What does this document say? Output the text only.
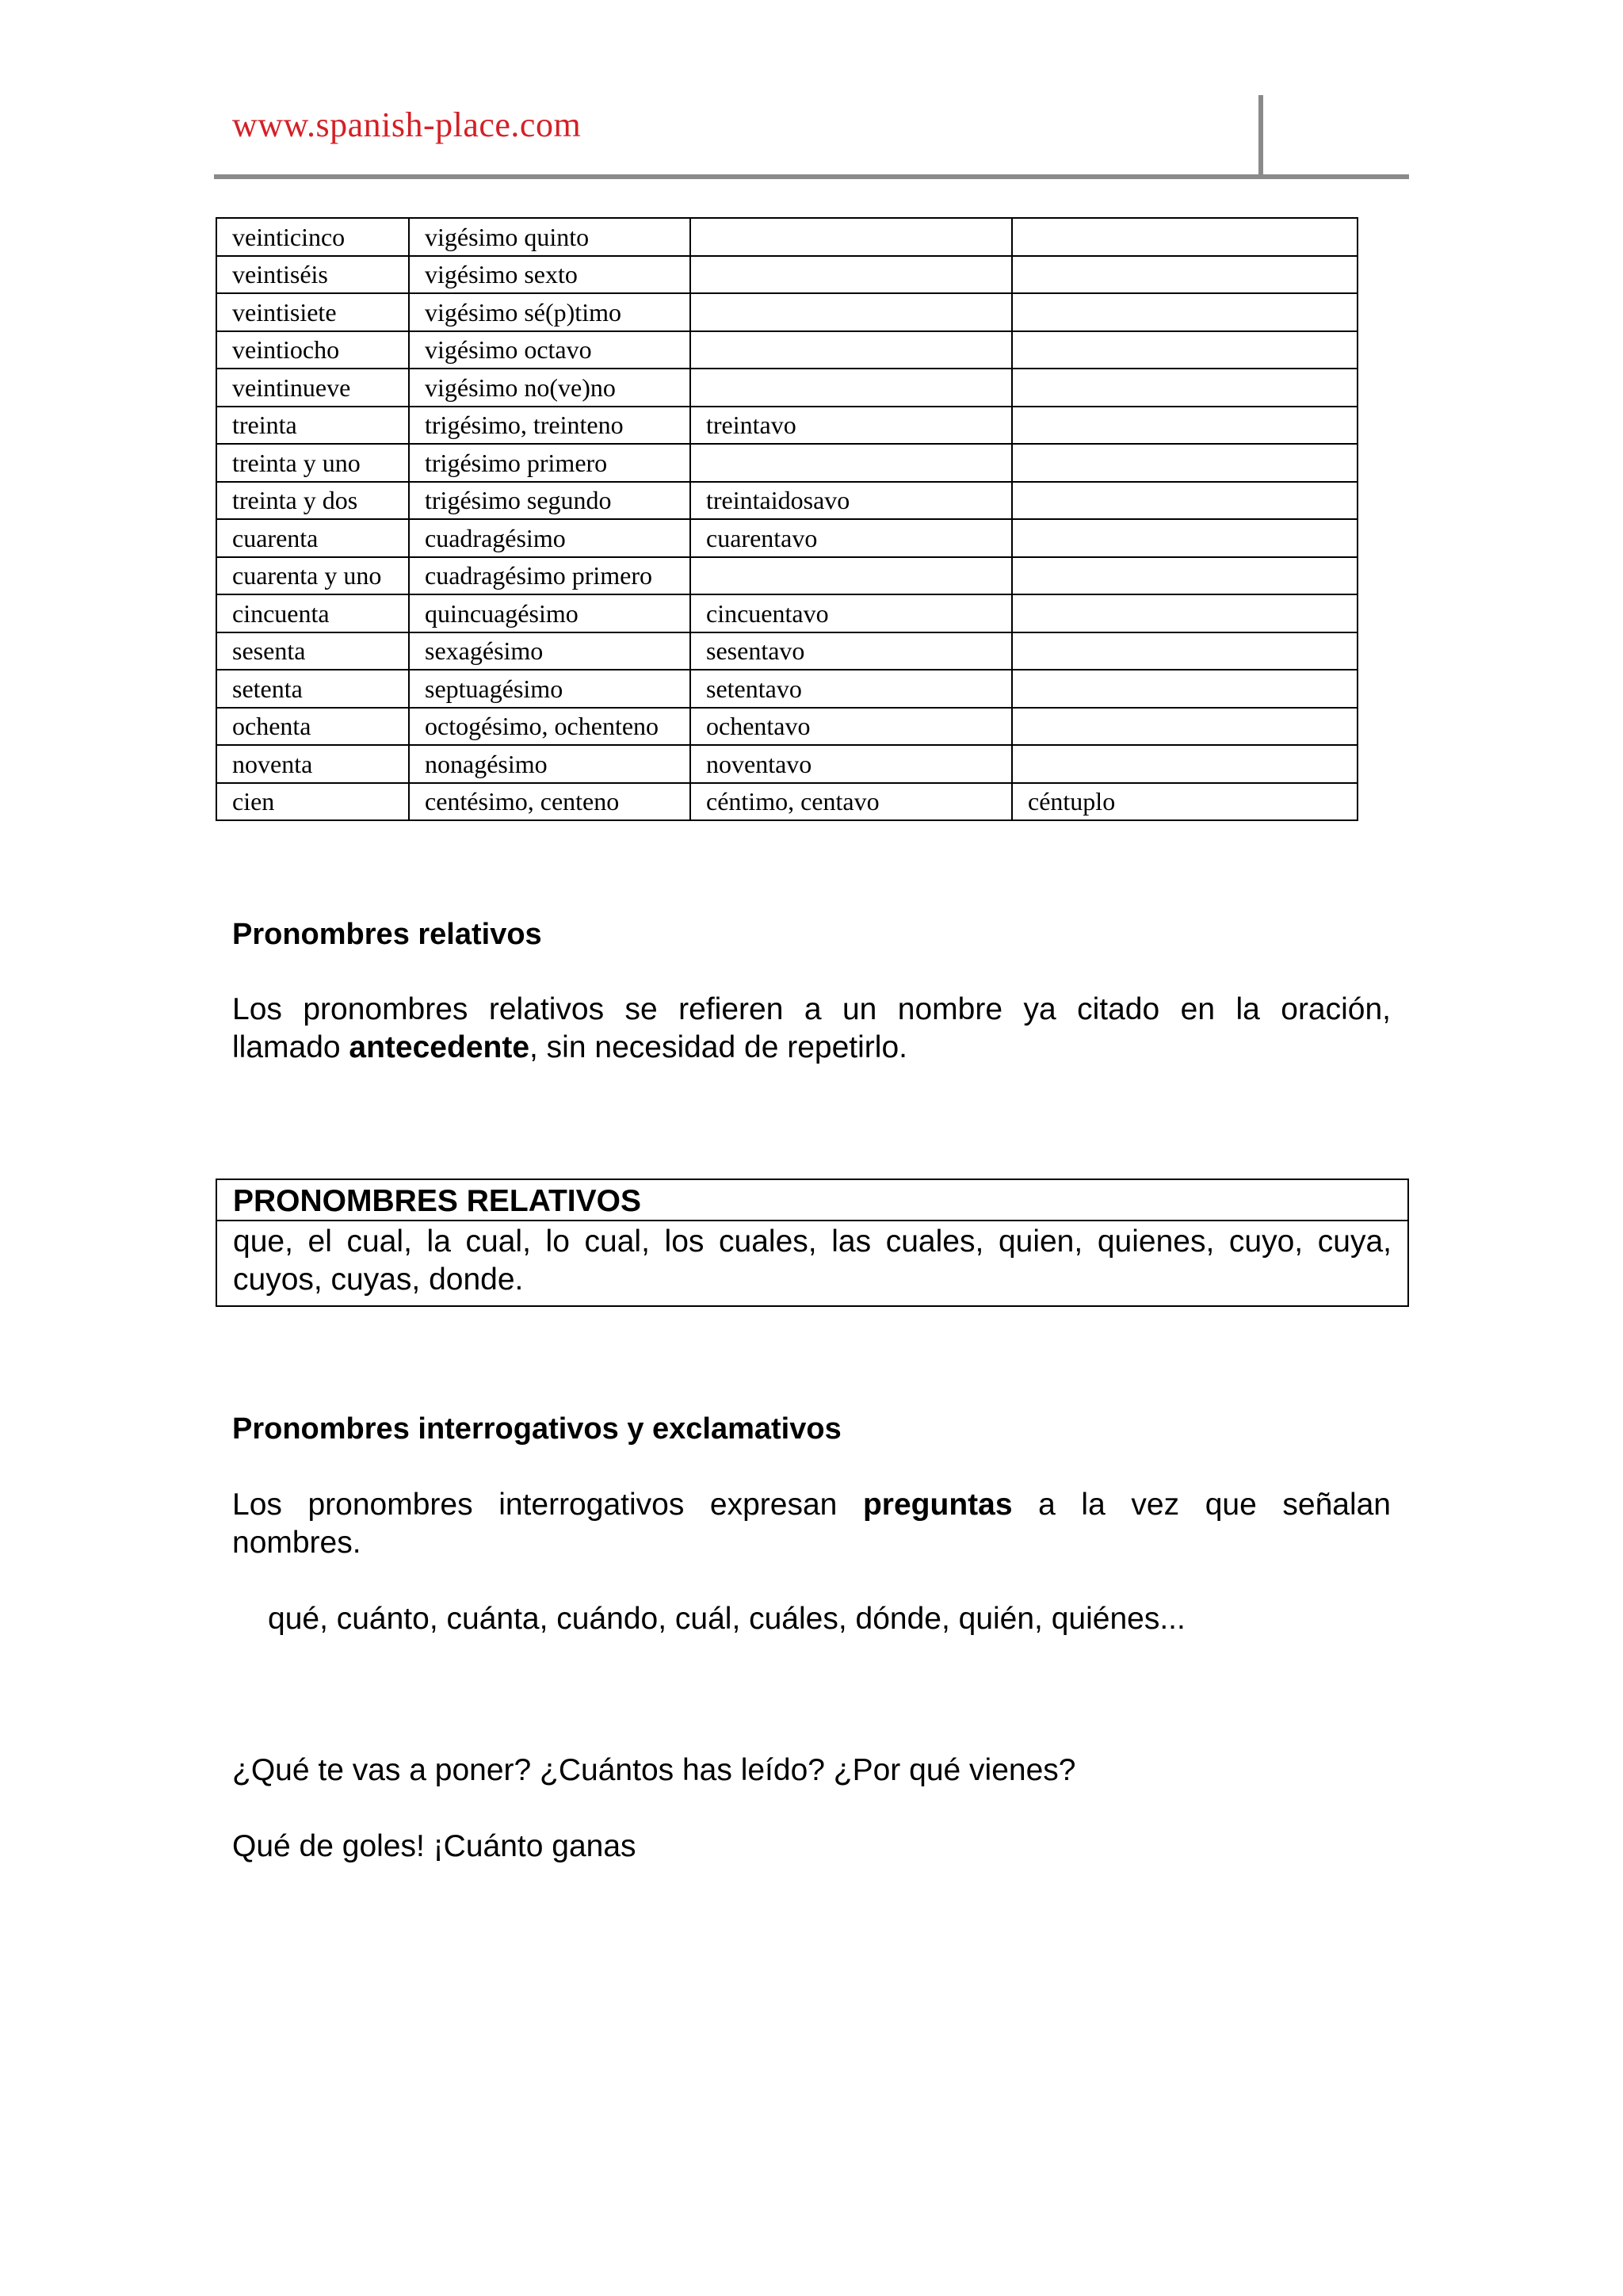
www.spanish-place.com
veinticinco	vigésimo quinto		
veintiséis	vigésimo sexto		
veintisiete	vigésimo sé(p)timo		
veintiocho	vigésimo octavo		
veintinueve	vigésimo no(ve)no		
treinta	trigésimo, treinteno	treintavo	
treinta y uno	trigésimo primero		
treinta y dos	trigésimo segundo	treintaidosavo	
cuarenta	cuadragésimo	cuarentavo	
cuarenta y uno	cuadragésimo primero		
cincuenta	quincuagésimo	cincuentavo	
sesenta	sexagésimo	sesentavo	
setenta	septuagésimo	setentavo	
ochenta	octogésimo, ochenteno	ochentavo	
noventa	nonagésimo	noventavo	
cien	centésimo, centeno	céntimo, centavo	céntuplo
Pronombres relativos
Los pronombres relativos se refieren a un nombre ya citado en la oración,
llamado antecedente, sin necesidad de repetirlo.
PRONOMBRES RELATIVOS
que, el cual, la cual, lo cual, los cuales, las cuales, quien, quienes, cuyo, cuya,
cuyos, cuyas, donde.
Pronombres interrogativos y exclamativos
Los pronombres interrogativos expresan preguntas a la vez que señalan
nombres.
qué, cuánto, cuánta, cuándo, cuál, cuáles, dónde, quién, quiénes...
¿Qué te vas a poner? ¿Cuántos has leído? ¿Por qué vienes?
Qué de goles! ¡Cuánto ganas
